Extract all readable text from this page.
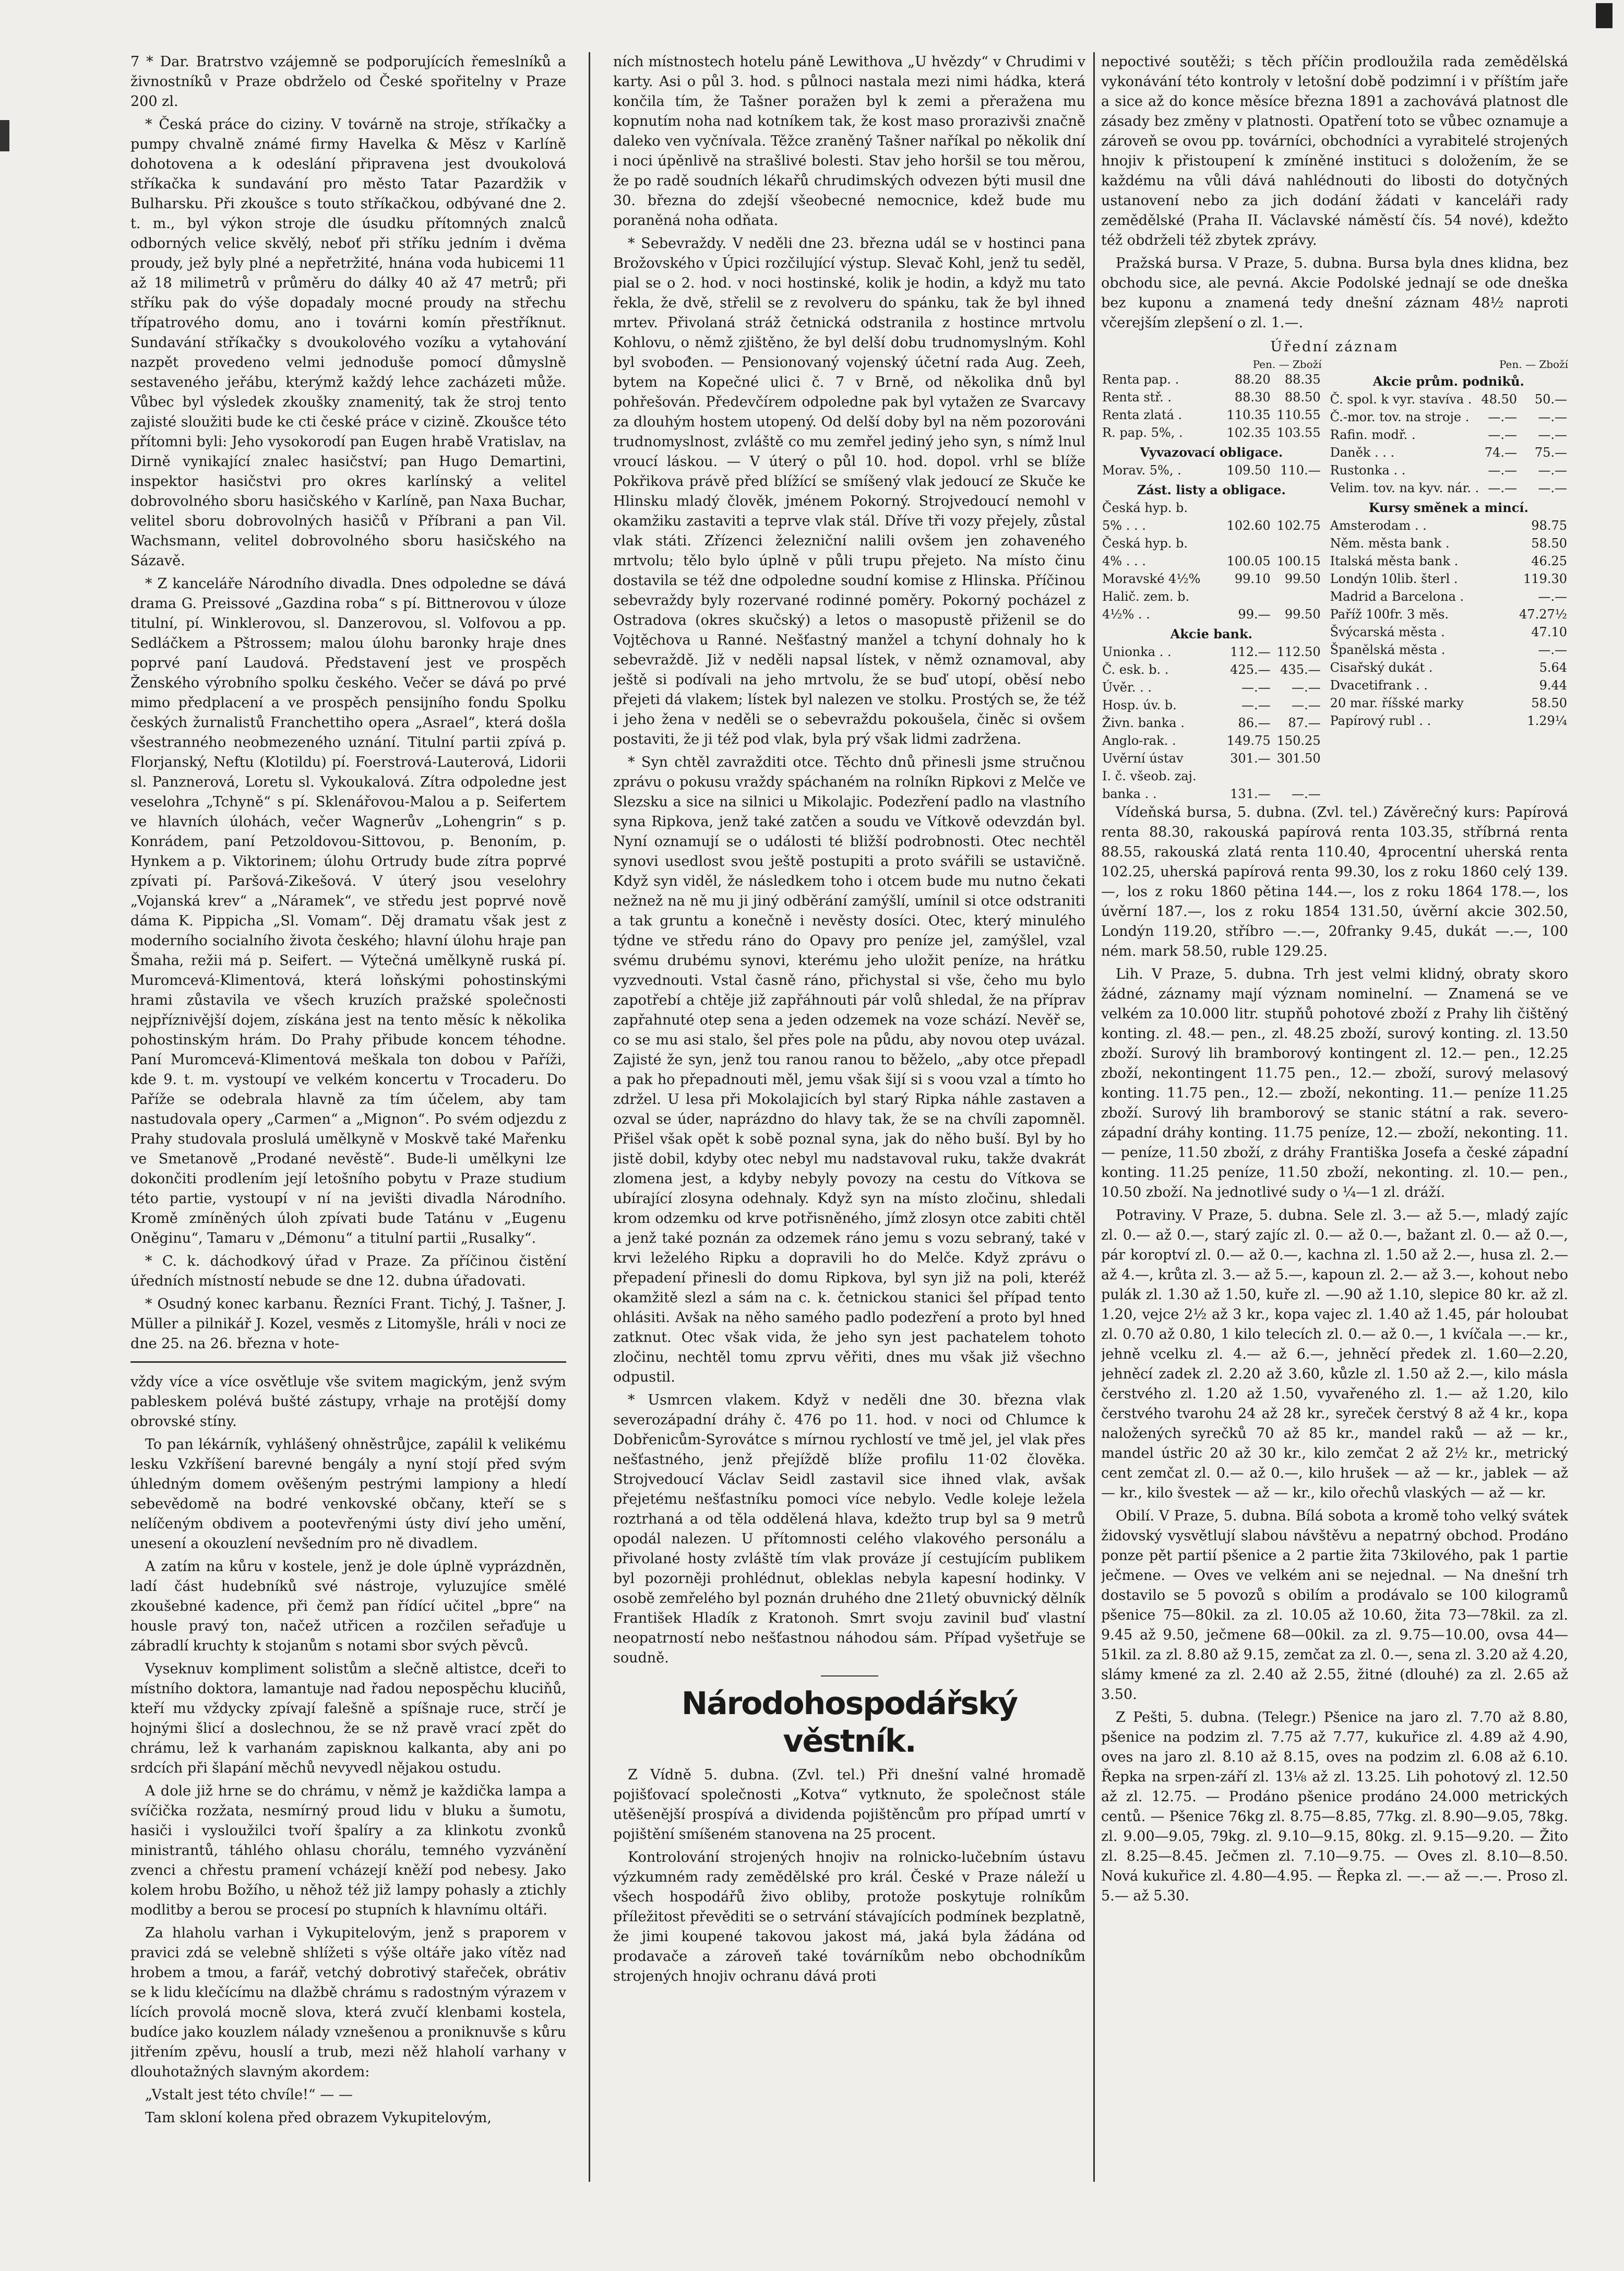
7 * Dar. Bratrstvo vzájemně se podporujících řemeslníků a živnostníků v Praze obdrželo od České spořitelny v Praze 200 zl.

* Česká práce do ciziny. V továrně na stroje, stříkačky a pumpy chvalně známé firmy Havelka & Měsz v Karlíně dohotovena a k odeslání připravena jest dvoukolová stříkačka k sundavání pro město Tatar Pazardžik v Bulharsku. Při zkoušce s touto stříkačkou, odbývané dne 2. t. m., byl výkon stroje dle úsudku přítomných znalců odborných velice skvělý, neboť při stříku jedním i dvěma proudy, jež byly plné a nepřetržité, hnána voda hubicemi 11 až 18 milimetrů v průměru do dálky 40 až 47 metrů; při stříku pak do výše dopadaly mocné proudy na střechu třípatrového domu, ano i továrni komín přestříknut. Sundavání stříkačky s dvoukolového vozíku a vytahování nazpět provedeno velmi jednoduše pomocí důmyslně sestaveného jeřábu, kterýmž každý lehce zacházeti může. Vůbec byl výsledek zkoušky znamenitý, tak že stroj tento zajisté sloužiti bude ke cti české práce v cizině. Zkoušce této přítomni byli: Jeho vysokorodí pan Eugen hrabě Vratislav, na Dirně vynikající znalec hasičství; pan Hugo Demartini, inspektor hasičstvi pro okres karlínský a velitel dobrovolného sboru hasičského v Karlíně, pan Naxa Buchar, velitel sboru dobrovolných hasičů v Příbrani a pan Vil. Wachsmann, velitel dobrovolného sboru hasičského na Sázavě.

* Z kanceláře Národního divadla. Dnes odpoledne se dává drama G. Preissové „Gazdina roba“ s pí. Bittnerovou v úloze titulní, pí. Winklerovou, sl. Danzerovou, sl. Volfovou a pp. Sedláčkem a Pštrossem; malou úlohu baronky hraje dnes poprvé paní Laudová. Představení jest ve prospěch Ženského výrobního spolku českého. Večer se dává po prvé mimo předplacení a ve prospěch pensijního fondu Spolku českých žurnalistů Franchettiho opera „Asrael“, která došla všestranného neobmezeného uznání. Titulní partii zpívá p. Florjanský, Neftu (Klotildu) pí. Foerstrová-Lauterová, Lidorii sl. Panznerová, Loretu sl. Vykoukalová. Zítra odpoledne jest veselohra „Tchyně“ s pí. Sklenářovou-Malou a p. Seifertem ve hlavních úlohách, večer Wagnerův „Lohengrin“ s p. Konrádem, paní Petzoldovou-Sittovou, p. Benoním, p. Hynkem a p. Viktorinem; úlohu Ortrudy bude zítra poprvé zpívati pí. Paršová-Zikešová. V úterý jsou veselohry „Vojanská krev“ a „Náramek“, ve středu jest poprvé nově dáma K. Pippicha „Sl. Vomam“. Děj dramatu však jest z moderního socialního života českého; hlavní úlohu hraje pan Šmaha, režii má p. Seifert. — Výtečná umělkyně ruská pí. Muromcevá-Klimentová, která loňskými pohostinskými hrami zůstavila ve všech kruzích pražské společnosti nejpříznivější dojem, získána jest na tento měsíc k několika pohostinským hrám. Do Prahy přibude koncem téhodne. Paní Muromcevá-Klimentová meškala ton dobou v Paříži, kde 9. t. m. vystoupí ve velkém koncertu v Trocaderu. Do Paříže se odebrala hlavně za tím účelem, aby tam nastudovala opery „Carmen“ a „Mignon“. Po svém odjezdu z Prahy studovala proslulá umělkyně v Moskvě také Mařenku ve Smetanově „Prodané nevěstě“. Bude-li umělkyni lze dokončiti prodlením její letošního pobytu v Praze studium této partie, vystoupí v ní na jevišti divadla Národního. Kromě zmíněných úloh zpívati bude Tatánu v „Eugenu Oněginu“, Tamaru v „Démonu“ a titulní partii „Rusalky“.

* C. k. dáchodkový úřad v Praze. Za příčinou čistění úředních místností nebude se dne 12. dubna úřadovati.

* Osudný konec karbanu. Řezníci Frant. Tichý, J. Tašner, J. Müller a pilnikář J. Kozel, vesměs z Litomyšle, hráli v noci ze dne 25. na 26. března v hote-

vždy více a více osvětluje vše svitem magickým, jenž svým pableskem polévá bušté zástupy, vrhaje na protější domy obrovské stíny.

To pan lékárník, vyhlášený ohněstrůjce, zapálil k velikému lesku Vzkříšení barevné bengály a nyní stojí před svým úhledným domem ověšeným pestrými lampiony a hledí sebevědomě na bodré venkovské občany, kteří se s nelíčeným obdivem a pootevřenými ústy diví jeho umění, unesení a okouzlení nevšedním pro ně divadlem.

A zatím na kůru v kostele, jenž je dole úplně vyprázdněn, ladí část hudebníků své nástroje, vyluzujíce smělé zkoušebné kadence, při čemž pan řídící učitel „bpre“ na housle pravý ton, načež utřicen a rozčilen seřaďuje u zábradlí kruchty k stojanům s notami sbor svých pěvců.

Vyseknuv kompliment solistům a slečně altistce, dceři to místního doktora, lamantuje nad řadou nepospěchu kluciňů, kteří mu vždycky zpívají falešně a spíšnaje ruce, strčí je hojnými šlicí a doslechnou, že se nž pravě vrací zpět do chrámu, lež k varhanám zapisknou kalkanta, aby ani po srdcích při šlapání měchů nevyvedl nějakou ostudu.

A dole již hrne se do chrámu, v němž je každička lampa a svíčička rozžata, nesmírný proud lidu v bluku a šumotu, hasiči i vysloužilci tvoří špalíry a za klinkotu zvonků ministrantů, táhlého ohlasu chorálu, temného vyzvánění zvenci a chřestu pramení vcházejí kněží pod nebesy. Jako kolem hrobu Božího, u něhož též již lampy pohasly a ztichly modlitby a berou se procesí po stupních k hlavnímu oltáři.

Za hlaholu varhan i Vykupitelovým, jenž s praporem v pravici zdá se velebně shlížeti s výše oltáře jako vítěz nad hrobem a tmou, a farář, vetchý dobrotivý stařeček, obrátiv se k lidu klečícímu na dlažbě chrámu s radostným výrazem v lících provolá mocně slova, která zvučí klenbami kostela, budíce jako kouzlem nálady vznešenou a proniknuvše s kůru jitřením zpěvu, houslí a trub, mezi něž hlaholí varhany v dlouhotažných slavným akordem:

„Vstalt jest této chvíle!“ — —

Tam skloní kolena před obrazem Vykupitelovým,

ních místnostech hotelu páně Lewithova „U hvězdy“ v Chrudimi v karty. Asi o půl 3. hod. s půlnoci nastala mezi nimi hádka, která končila tím, že Tašner poražen byl k zemi a přeražena mu kopnutím noha nad kotníkem tak, že kost maso prorazivši značně daleko ven vyčnívala. Těžce zraněný Tašner naříkal po několik dní i noci úpěnlivě na strašlivé bolesti. Stav jeho horšil se tou měrou, že po radě soudních lékařů chrudimských odvezen býti musil dne 30. března do zdejší všeobecné nemocnice, kdež bude mu poraněná noha odňata.

* Sebevraždy. V neděli dne 23. března udál se v hostinci pana Brožovského v Úpici rozčilující výstup. Slevač Kohl, jenž tu seděl, pial se o 2. hod. v noci hostinské, kolik je hodin, a když mu tato řekla, že dvě, střelil se z revolveru do spánku, tak že byl ihned mrtev. Přivolaná stráž četnická odstranila z hostince mrtvolu Kohlovu, o němž zjištěno, že byl delší dobu trudnomyslným. Kohl byl svobođen. — Pensionovaný vojenský účetní rada Aug. Zeeh, bytem na Kopečné ulici č. 7 v Brně, od několika dnů byl pohřešován. Předevčírem odpoledne pak byl vytažen ze Svarcavy za dlouhým hostem utopený. Od delší doby byl na něm pozorováni trudnomyslnost, zvláště co mu zemřel jediný jeho syn, s nímž lnul vroucí láskou. — V úterý o půl 10. hod. dopol. vrhl se blíže Pokřikova právě před blížící se smíšený vlak jedoucí ze Skuče ke Hlinsku mladý člověk, jménem Pokorný. Strojvedoucí nemohl v okamžiku zastaviti a teprve vlak stál. Dříve tři vozy přejely, zůstal vlak státi. Zřízenci železniční nalili ovšem jen zohaveného mrtvolu; tělo bylo úplně v půli trupu přejeto. Na místo činu dostavila se též dne odpoledne soudní komise z Hlinska. Příčinou sebevraždy byly rozervané rodinné poměry. Pokorný pocházel z Ostradova (okres skučský) a letos o masopustě přiženil se do Vojtěchova u Ranné. Nešťastný manžel a tchyní dohnaly ho k sebevraždě. Již v neděli napsal lístek, v němž oznamoval, aby ještě si podívali na jeho mrtvolu, že se buď utopí, oběsí nebo přejeti dá vlakem; lístek byl nalezen ve stolku. Prostých se, že též i jeho žena v neděli se o sebevraždu pokoušela, činěc si ovšem postaviti, že ji též pod vlak, byla prý však lidmi zadržena.

* Syn chtěl zavražditi otce. Těchto dnů přinesli jsme stručnou zprávu o pokusu vraždy spáchaném na rolníkn Ripkovi z Melče ve Slezsku a sice na silnici u Mikolajic. Podezření padlo na vlastního syna Ripkova, jenž také zatčen a soudu ve Vítkově odevzdán byl. Nyní oznamují se o události té bližší podrobnosti. Otec nechtěl synovi usedlost svou ještě postupiti a proto svářili se ustavičně. Když syn viděl, že následkem toho i otcem bude mu nutno čekati nežnež na ně mu ji jiný odběrání zamýšlí, umínil si otce odstraniti a tak gruntu a konečně i nevěsty dosíci. Otec, který minulého týdne ve středu ráno do Opavy pro peníze jel, zamýšlel, vzal svému drubému synovi, kterému jeho uložit peníze, na hrátku vyzvednouti. Vstal časně ráno, přichystal si vše, čeho mu bylo zapotřebí a chtěje již zapřáhnouti pár volů shledal, že na příprav zapřahnuté otep sena a jeden odzemek na voze schází. Nevěř se, co se mu asi stalo, šel přes pole na půdu, aby novou otep uvázal. Zajisté že syn, jenž tou ranou ranou to běželo, „aby otce přepadl a pak ho přepadnouti měl, jemu však šijí si s voou vzal a tímto ho zdržel. U lesa při Mokolajicích byl starý Ripka náhle zastaven a ozval se úder, naprázdno do hlavy tak, že se na chvíli zapomněl. Přišel však opět k sobě poznal syna, jak do něho buší. Byl by ho jistě dobil, kdyby otec nebyl mu nadstavoval ruku, takže dvakrát zlomena jest, a kdyby nebyly povozy na cestu do Vítkova se ubírající zlosyna odehnaly. Když syn na místo zločinu, shledali krom odzemku od krve potřisněného, jímž zlosyn otce zabiti chtěl a jenž také poznán za odzemek ráno jemu s vozu sebraný, také v krvi leželého Ripku a dopravili ho do Melče. Když zprávu o přepadení přinesli do domu Ripkova, byl syn již na poli, kteréž okamžitě slezl a sám na c. k. četnickou stanici šel případ tento ohlásiti. Avšak na něho samého padlo podezření a proto byl hned zatknut. Otec však vida, že jeho syn jest pachatelem tohoto zločinu, nechtěl tomu zprvu věřiti, dnes mu však již všechno odpustil.

* Usmrcen vlakem. Když v neděli dne 30. března vlak severozápadní dráhy č. 476 po 11. hod. v noci od Chlumce k Dobřenicům-Syrovátce s mírnou rychlostí ve tmě jel, jel vlak přes nešťastného, jenž přejíždě blíže profilu 11·02 člověka. Strojvedoucí Václav Seidl zastavil sice ihned vlak, avšak přejetému nešťastníku pomoci více nebylo. Vedle koleje ležela roztrhaná a od těla oddělená hlava, kdežto trup byl sa 9 metrů opodál nalezen. U přítomnosti celého vlakového personálu a přivolané hosty zvláště tím vlak prováze jí cestujícím publikem byl pozorněji prohlédnut, obleklas nebyla kapesní hodinky. V osobě zemřelého byl poznán druhého dne 21letý obuvnický dělník František Hladík z Kratonoh. Smrt svoju zavinil buď vlastní neopatrností nebo nešťastnou náhodou sám. Případ vyšetřuje se soudně.

Národohospodářský věstník.

Z Vídně 5. dubna. (Zvl. tel.) Při dnešní valné hromadě pojišťovací společnosti „Kotva“ vytknuto, že společnost stále utěšenější prospívá a dividenda pojištěncům pro případ umrtí v pojištění smíšeném stanovena na 25 procent.

Kontrolování strojených hnojiv na rolnicko-lučebním ústavu výzkumném rady zemědělské pro král. České v Praze náleží u všech hospodářů živo obliby, protože poskytuje rolníkům příležitost převěditi se o setrvání stávajících podmínek bezplatně, že jimi koupené takovou jakost má, jaká byla žádána od prodavače a zároveň také továrníkům nebo obchodníkům strojených hnojiv ochranu dává proti

nepoctivé soutěži; s těch příčin prodloužila rada zemědělská vykonávání této kontroly v letošní době podzimní i v příštím jaře a sice až do konce měsíce března 1891 a zachovává platnost dle zásady bez změny v platnosti. Opatření toto se vůbec oznamuje a zároveň se ovou pp. továrníci, obchodníci a vyrabitelé strojených hnojiv k přistoupení k zmíněné instituci s doložením, že se každému na vůli dává nahlédnouti do libosti do dotyčných ustanovení nebo za jich dodání žádati v kanceláři rady zemědělské (Praha II. Václavské náměstí čís. 54 nové), kdežto též obdrželi též zbytek zprávy.

Pražská bursa. V Praze, 5. dubna. Bursa byla dnes klidna, bez obchodu sice, ale pevná. Akcie Podolské jednají se ode dneška bez kuponu a znamená tedy dnešní záznam 48½ naproti včerejším zlepšení o zl. 1.—.

Úřední záznam
Pen. — Zboží
Renta pap. .	88.20	88.35
Renta stř. .	88.30	88.50
Renta zlatá .	110.35	110.55
R. pap. 5%, .	102.35	103.55
Vyvazovací obligace.		
Morav. 5%, .	109.50	110.—
Zást. listy a obligace.		
Česká hyp. b.		
5% . . .	102.60	102.75
Česká hyp. b.		
4% . . .	100.05	100.15
Moravské 4½%	99.10	99.50
Halič. zem. b.		
4½% . .	99.—	99.50
Akcie bank.		
Unionka . .	112.—	112.50
Č. esk. b. .	425.—	435.—
Úvěr. . .	—.—	—.—
Hosp. úv. b.	—.—	—.—
Živn. banka .	86.—	87.—
Anglo-rak. .	149.75	150.25
Uvěrní ústav	301.—	301.50
I. č. všeob. zaj.		
banka . .	131.—	—.—
Pen. — Zboží
Akcie prům. podniků.		
Č. spol. k vyr. stavíva .	48.50	50.—
Č.-mor. tov. na stroje .	—.—	—.—
Rafin. modř. .	—.—	—.—
Daněk . . .	74.—	75.—
Rustonka . .	—.—	—.—
Velim. tov. na kyv. nár. .	—.—	—.—
Kursy směnek a mincí.		
Amsterodam . .		98.75
Něm. města bank .		58.50
Italská města bank .		46.25
Londýn 10lib. šterl .		119.30
Madrid a Barcelona .		—.—
Paříž 100fr. 3 měs.		47.27½
Švýcarská města .		47.10
Španělská města .		—.—
Cisařský dukát .		5.64
Dvacetifrank . .		9.44
20 mar. říšské marky		58.50
Papírový rubl . .		1.29¼

Vídeňská bursa, 5. dubna. (Zvl. tel.) Závěrečný kurs: Papírová renta 88.30, rakouská papírová renta 103.35, stříbrná renta 88.55, rakouská zlatá renta 110.40, 4procentní uherská renta 102.25, uherská papírová renta 99.30, los z roku 1860 celý 139.—, los z roku 1860 pětina 144.—, los z roku 1864 178.—, los úvěrní 187.—, los z roku 1854 131.50, úvěrní akcie 302.50, Londýn 119.20, stříbro —.—, 20franky 9.45, dukát —.—, 100 ném. mark 58.50, ruble 129.25.

Lih. V Praze, 5. dubna. Trh jest velmi klidný, obraty skoro žádné, záznamy mají význam nominelní. — Znamená se ve velkém za 10.000 litr. stupňů pohotové zboží z Prahy lih čištěný konting. zl. 48.— pen., zl. 48.25 zboží, surový konting. zl. 13.50 zboží. Surový lih bramborový kontingent zl. 12.— pen., 12.25 zboží, nekontingent 11.75 pen., 12.— zboží, surový melasový konting. 11.75 pen., 12.— zboží, nekonting. 11.— peníze 11.25 zboží. Surový lih bramborový se stanic státní a rak. severo-západní dráhy konting. 11.75 peníze, 12.— zboží, nekonting. 11.— peníze, 11.50 zboží, z dráhy Františka Josefa a české západní konting. 11.25 peníze, 11.50 zboží, nekonting. zl. 10.— pen., 10.50 zboží. Na jednotlivé sudy o ¼—1 zl. dráží.

Potraviny. V Praze, 5. dubna. Sele zl. 3.— až 5.—, mladý zajíc zl. 0.— až 0.—, starý zajíc zl. 0.— až 0.—, bažant zl. 0.— až 0.—, pár koroptví zl. 0.— až 0.—, kachna zl. 1.50 až 2.—, husa zl. 2.— až 4.—, krůta zl. 3.— až 5.—, kapoun zl. 2.— až 3.—, kohout nebo pulák zl. 1.30 až 1.50, kuře zl. —.90 až 1.10, slepice 80 kr. až zl. 1.20, vejce 2½ až 3 kr., kopa vajec zl. 1.40 až 1.45, pár holoubat zl. 0.70 až 0.80, 1 kilo telecích zl. 0.— až 0.—, 1 kvíčala —.— kr., jehně vcelku zl. 4.— až 6.—, jehněcí předek zl. 1.60—2.20, jehněcí zadek zl. 2.20 až 3.60, kůzle zl. 1.50 až 2.—, kilo másla čerstvého zl. 1.20 až 1.50, vyvařeného zl. 1.— až 1.20, kilo čerstvého tvarohu 24 až 28 kr., syreček čerstvý 8 až 4 kr., kopa naložených syrečků 70 až 85 kr., mandel raků — až — kr., mandel ústřic 20 až 30 kr., kilo zemčat 2 až 2½ kr., metrický cent zemčat zl. 0.— až 0.—, kilo hrušek — až — kr., jablek — až — kr., kilo švestek — až — kr., kilo ořechů vlaských — až — kr.

Obilí. V Praze, 5. dubna. Bílá sobota a kromě toho velký svátek židovský vysvětlují slabou návštěvu a nepatrný obchod. Prodáno ponze pět partií pšenice a 2 partie žita 73kilového, pak 1 partie ječmene. — Oves ve velkém ani se nejednal. — Na dnešní trh dostavilo se 5 povozů s obilím a prodávalo se 100 kilogramů pšenice 75—80kil. za zl. 10.05 až 10.60, žita 73—78kil. za zl. 9.45 až 9.50, ječmene 68—00kil. za zl. 9.75—10.00, ovsa 44—51kil. za zl. 8.80 až 9.15, zemčat za zl. 0.—, sena zl. 3.20 až 4.20, slámy kmené za zl. 2.40 až 2.55, žitné (dlouhé) za zl. 2.65 až 3.50.

Z Pešti, 5. dubna. (Telegr.) Pšenice na jaro zl. 7.70 až 8.80, pšenice na podzim zl. 7.75 až 7.77, kukuřice zl. 4.89 až 4.90, oves na jaro zl. 8.10 až 8.15, oves na podzim zl. 6.08 až 6.10. Řepka na srpen-září zl. 13⅛ až zl. 13.25. Lih pohotový zl. 12.50 až zl. 12.75. — Prodáno pšenice prodáno 24.000 metrických centů. — Pšenice 76kg zl. 8.75—8.85, 77kg. zl. 8.90—9.05, 78kg. zl. 9.00—9.05, 79kg. zl. 9.10—9.15, 80kg. zl. 9.15—9.20. — Žito zl. 8.25—8.45. Ječmen zl. 7.10—9.75. — Oves zl. 8.10—8.50. Nová kukuřice zl. 4.80—4.95. — Řepka zl. —.— až —.—. Proso zl. 5.— až 5.30.
